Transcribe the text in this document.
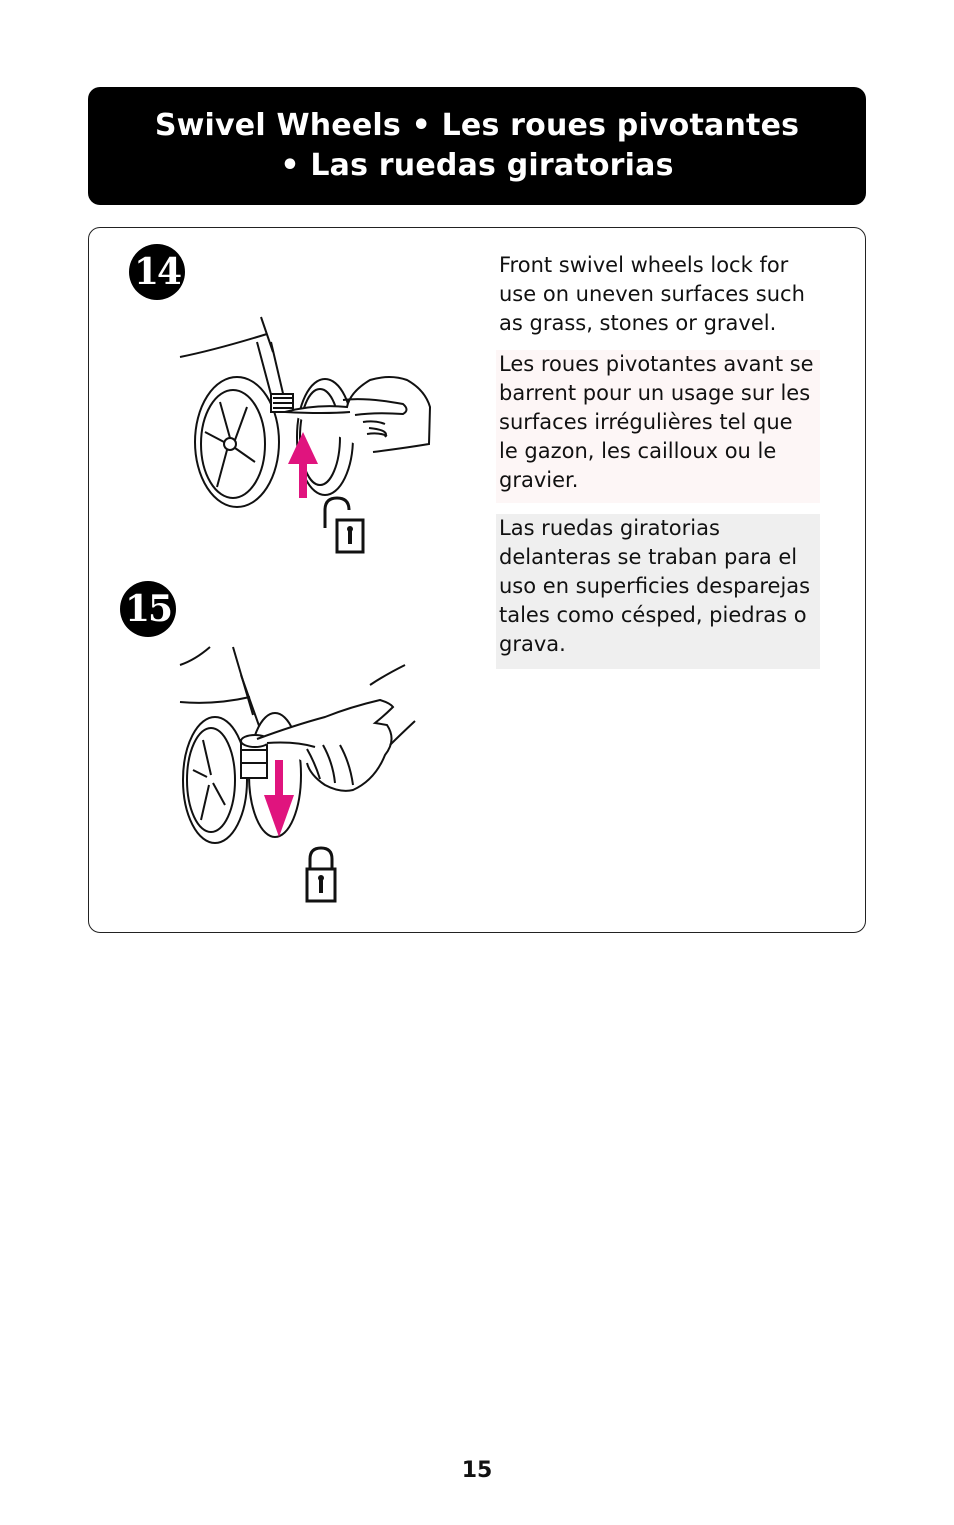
Swivel Wheels • Les roues pivotantes
• Las ruedas giratorias
14
15
Front swivel wheels lock for use on uneven surfaces such as grass, stones or gravel.
Les roues pivotantes avant se barrent pour un usage sur les surfaces irrégulières tel que le gazon, les cailloux ou le gravier.
Las ruedas giratorias delanteras se traban para el uso en superficies desparejas tales como césped, piedras o grava.
15
